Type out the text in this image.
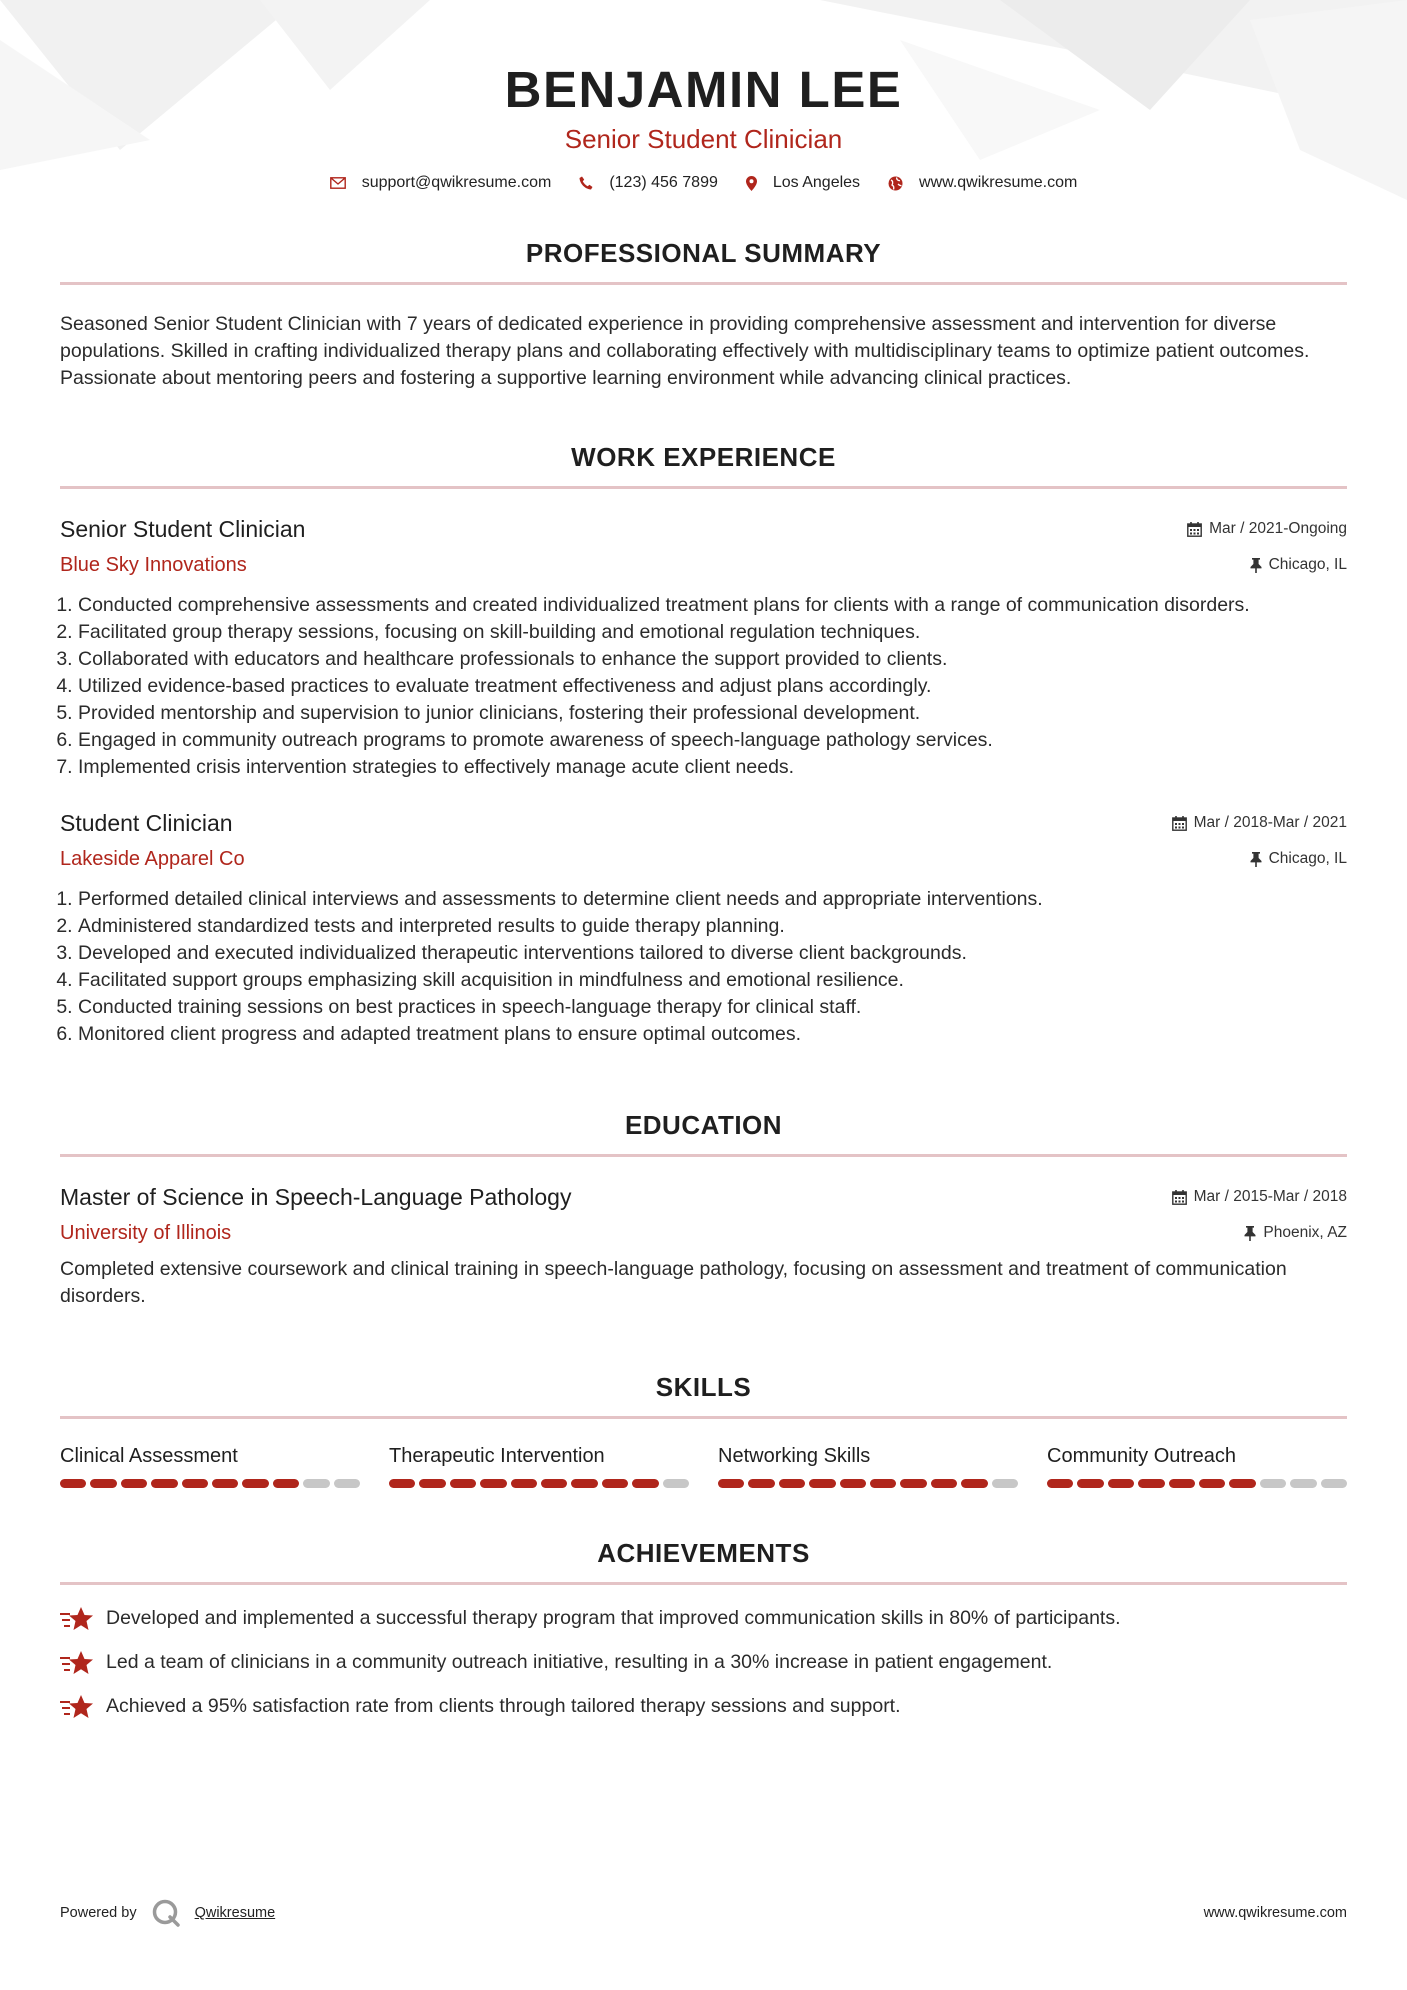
BENJAMIN LEE
Senior Student Clinician
support@qwikresume.com	(123) 456 7899	Los Angeles	www.qwikresume.com
PROFESSIONAL SUMMARY

Seasoned Senior Student Clinician with 7 years of dedicated experience in providing comprehensive assessment and intervention for diverse populations. Skilled in crafting individualized therapy plans and collaborating effectively with multidisciplinary teams to optimize patient outcomes. Passionate about mentoring peers and fostering a supportive learning environment while advancing clinical practices.

WORK EXPERIENCE
Senior Student Clinician	Mar / 2021-Ongoing
Blue Sky Innovations	Chicago, IL
1. Conducted comprehensive assessments and created individualized treatment plans for clients with a range of communication disorders.
2. Facilitated group therapy sessions, focusing on skill-building and emotional regulation techniques.
3. Collaborated with educators and healthcare professionals to enhance the support provided to clients.
4. Utilized evidence-based practices to evaluate treatment effectiveness and adjust plans accordingly.
5. Provided mentorship and supervision to junior clinicians, fostering their professional development.
6. Engaged in community outreach programs to promote awareness of speech-language pathology services.
7. Implemented crisis intervention strategies to effectively manage acute client needs.
Student Clinician	Mar / 2018-Mar / 2021
Lakeside Apparel Co	Chicago, IL
1. Performed detailed clinical interviews and assessments to determine client needs and appropriate interventions.
2. Administered standardized tests and interpreted results to guide therapy planning.
3. Developed and executed individualized therapeutic interventions tailored to diverse client backgrounds.
4. Facilitated support groups emphasizing skill acquisition in mindfulness and emotional resilience.
5. Conducted training sessions on best practices in speech-language therapy for clinical staff.
6. Monitored client progress and adapted treatment plans to ensure optimal outcomes.
EDUCATION
Master of Science in Speech-Language Pathology	Mar / 2015-Mar / 2018
University of Illinois	Phoenix, AZ

Completed extensive coursework and clinical training in speech-language pathology, focusing on assessment and treatment of communication disorders.

SKILLS
Clinical Assessment	Therapeutic Intervention	Networking Skills	Community Outreach
ACHIEVEMENTS
Developed and implemented a successful therapy program that improved communication skills in 80% of participants.
Led a team of clinicians in a community outreach initiative, resulting in a 30% increase in patient engagement.
Achieved a 95% satisfaction rate from clients through tailored therapy sessions and support.
Powered by	Qwikresume	www.qwikresume.com
